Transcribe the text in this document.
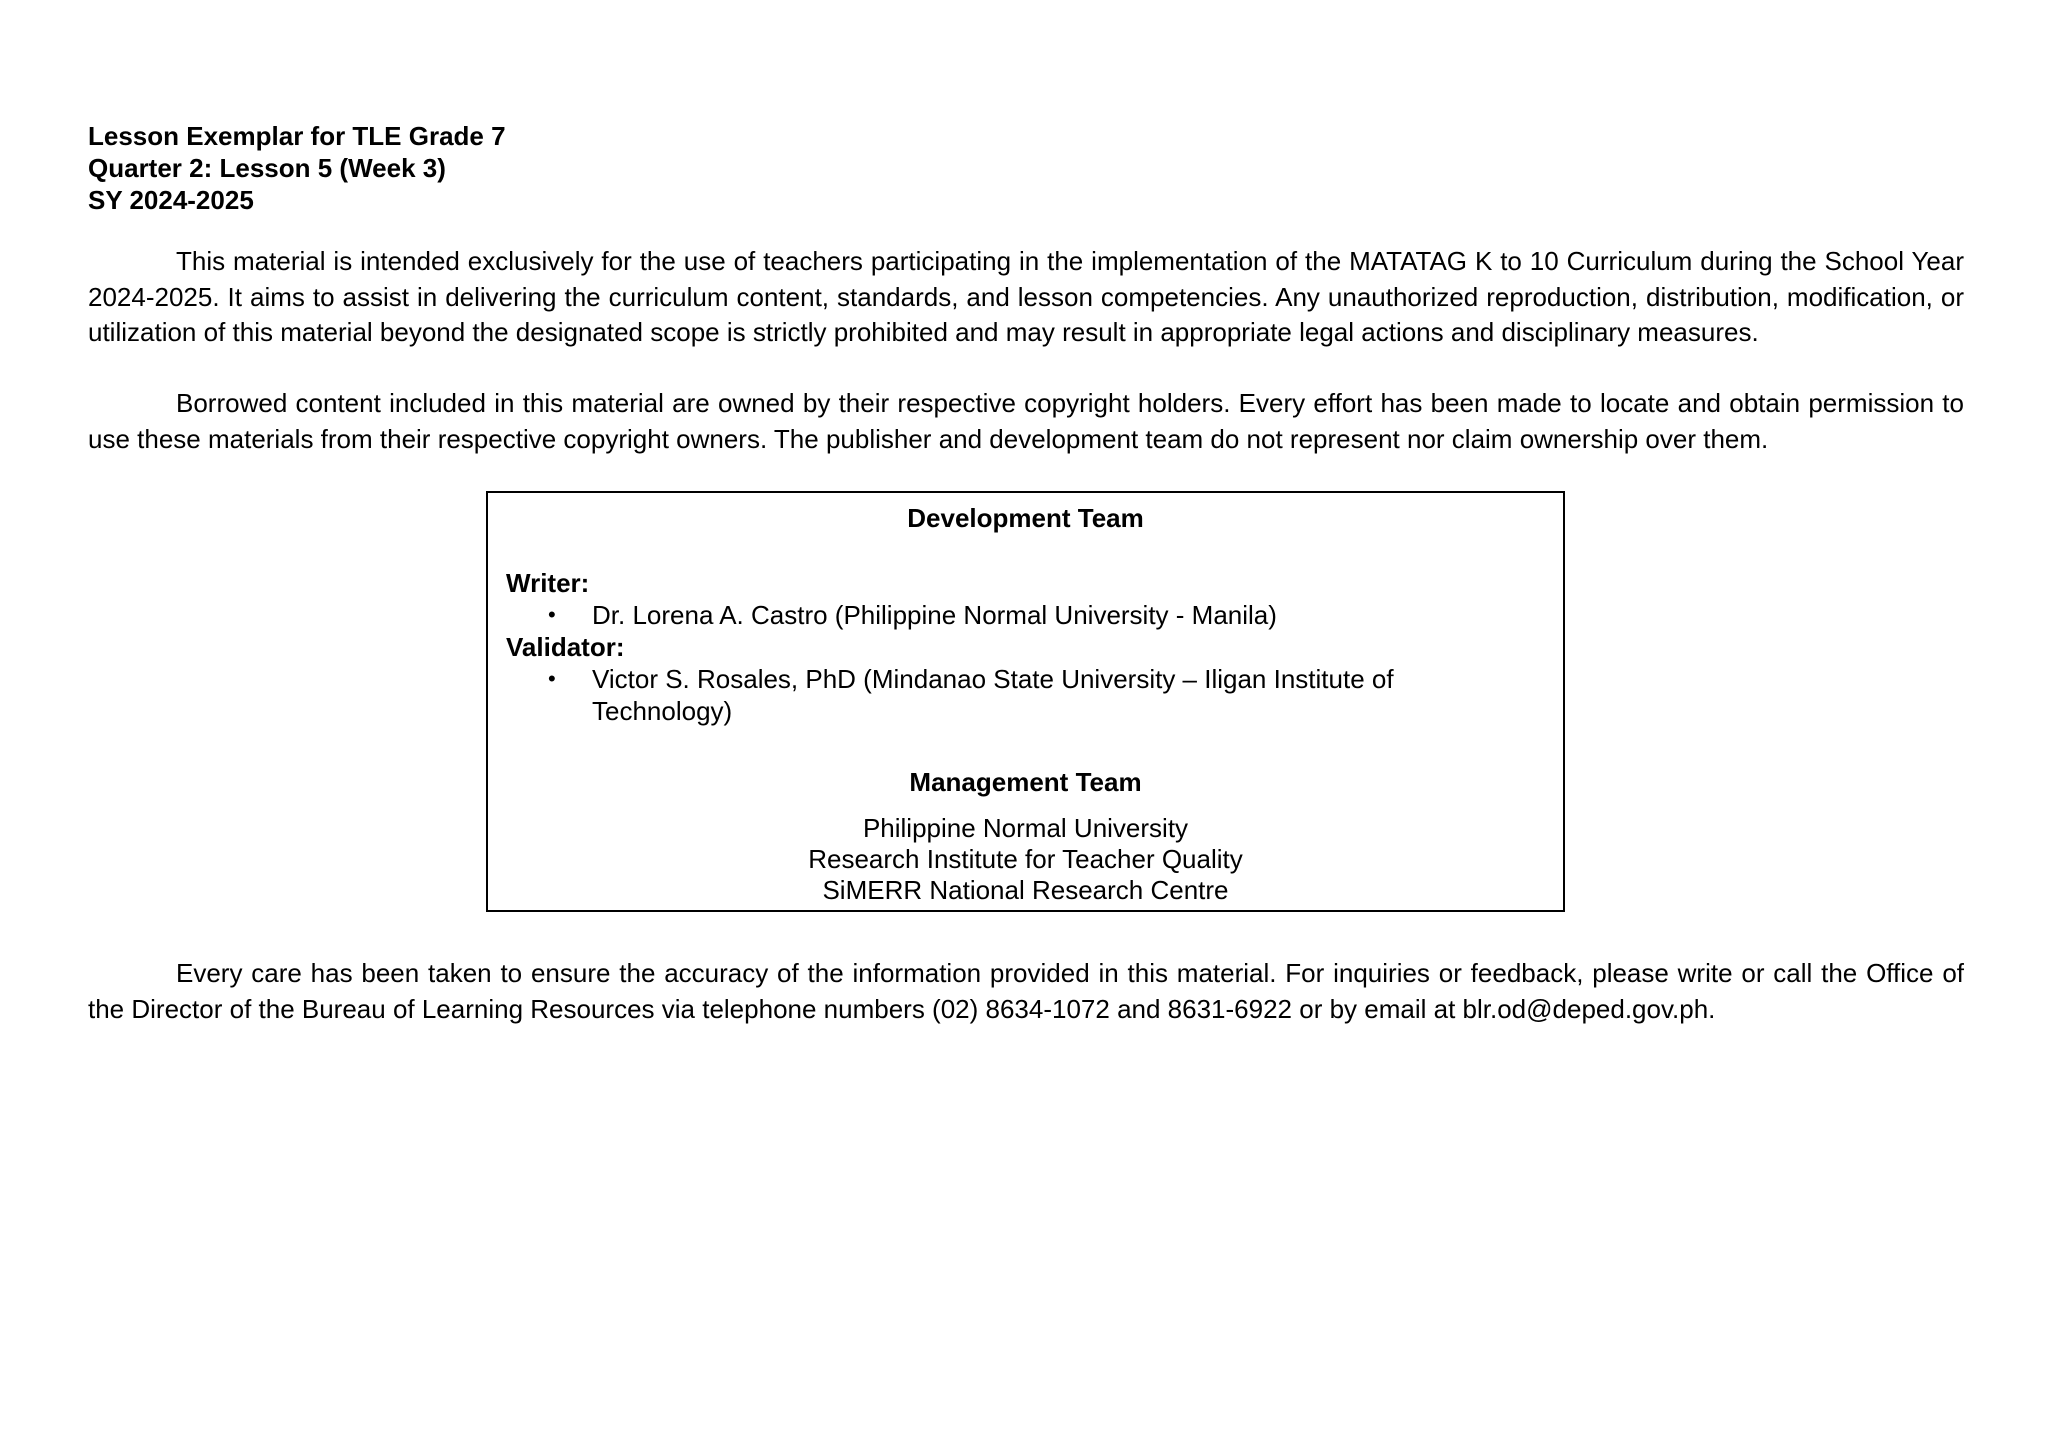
Lesson Exemplar for TLE Grade 7
Quarter 2: Lesson 5 (Week 3)
SY 2024-2025

This material is intended exclusively for the use of teachers participating in the implementation of the MATATAG K to 10 Curriculum during the School Year 2024-2025. It aims to assist in delivering the curriculum content, standards, and lesson competencies. Any unauthorized reproduction, distribution, modification, or utilization of this material beyond the designated scope is strictly prohibited and may result in appropriate legal actions and disciplinary measures.

Borrowed content included in this material are owned by their respective copyright holders. Every effort has been made to locate and obtain permission to use these materials from their respective copyright owners. The publisher and development team do not represent nor claim ownership over them.

Development Team
Writer:
• Dr. Lorena A. Castro (Philippine Normal University - Manila)
Validator:
• Victor S. Rosales, PhD (Mindanao State University – Iligan Institute of Technology)
Management Team
Philippine Normal University
Research Institute for Teacher Quality
SiMERR National Research Centre

Every care has been taken to ensure the accuracy of the information provided in this material. For inquiries or feedback, please write or call the Office of the Director of the Bureau of Learning Resources via telephone numbers (02) 8634-1072 and 8631-6922 or by email at blr.od@deped.gov.ph.
